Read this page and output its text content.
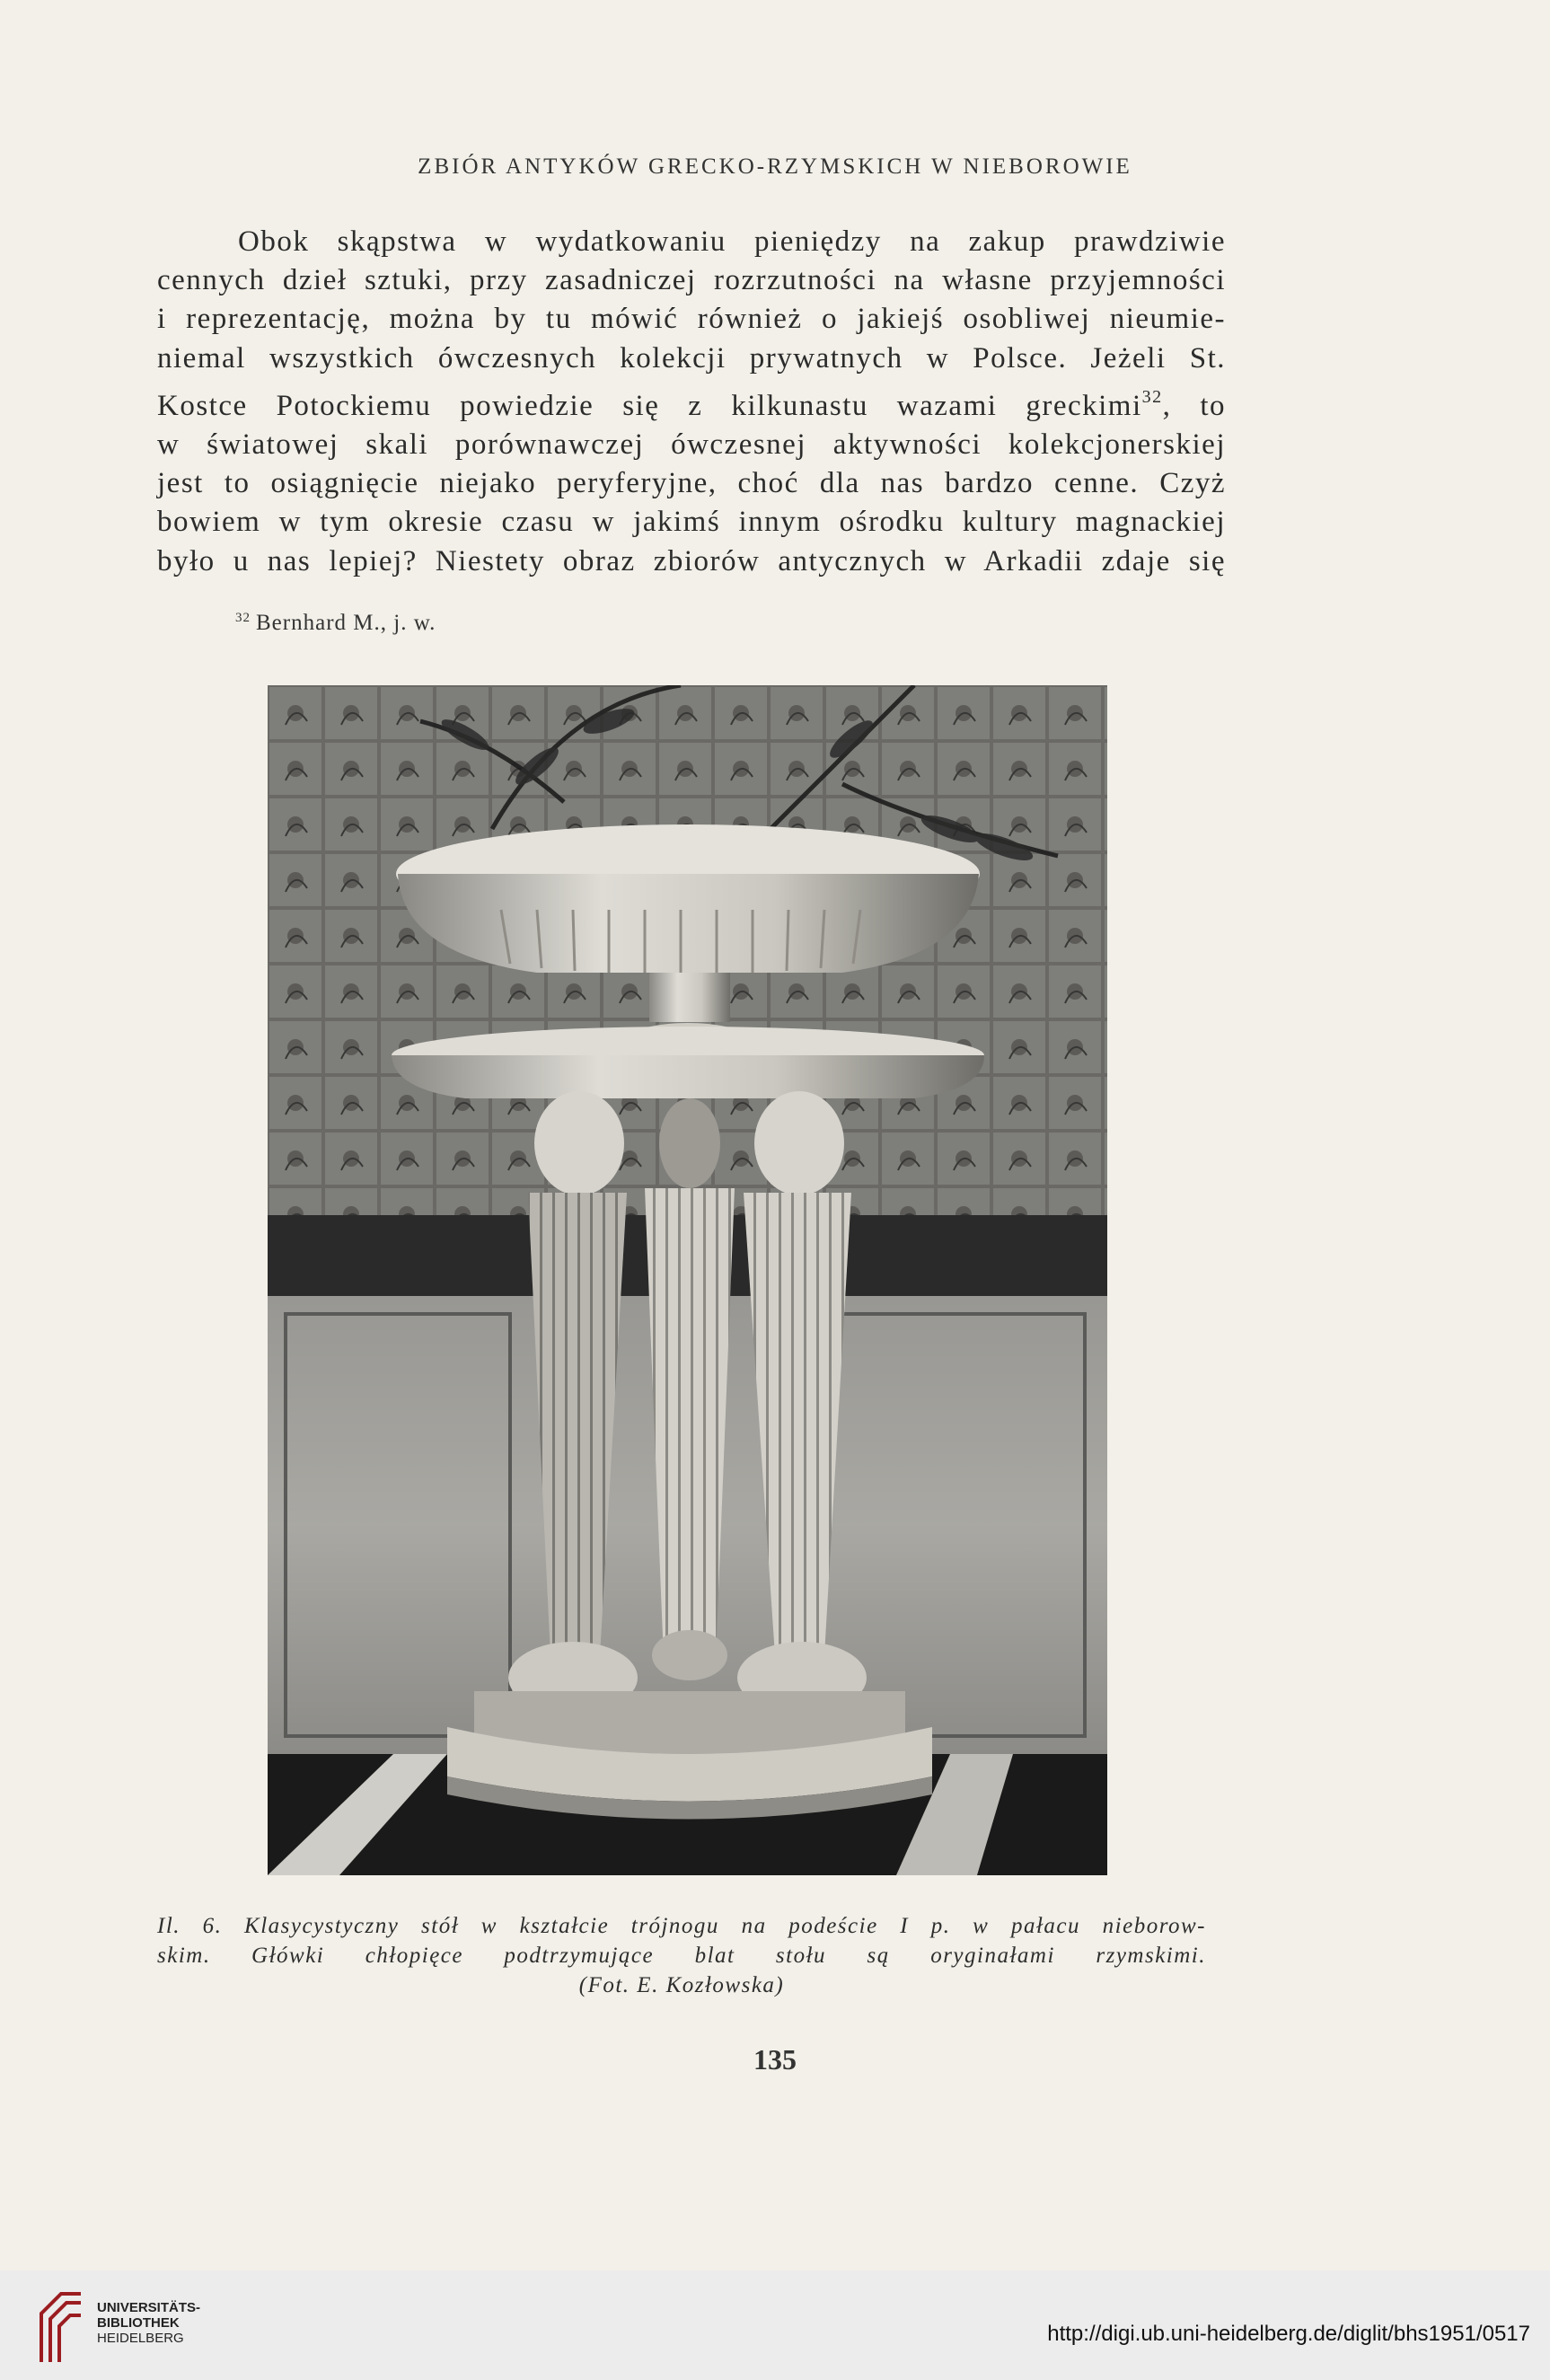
ZBIÓR ANTYKÓW GRECKO-RZYMSKICH W NIEBOROWIE
Obok skąpstwa w wydatkowaniu pieniędzy na zakup prawdziwie
cennych dzieł sztuki, przy zasadniczej rozrzutności na własne przyjemności
i reprezentację, można by tu mówić również o jakiejś osobliwej nieumie-
niemal wszystkich ówczesnych kolekcji prywatnych w Polsce. Jeżeli St.
Kostce Potockiemu powiedzie się z kilkunastu wazami greckimi$^{32}$, to
w światowej skali porównawczej ówczesnej aktywności kolekcjonerskiej
jest to osiągnięcie niejako peryferyjne, choć dla nas bardzo cenne. Czyż
bowiem w tym okresie czasu w jakimś innym ośrodku kultury magnackiej
było u nas lepiej? Niestety obraz zbiorów antycznych w Arkadii zdaje się
$^{32}$ Bernhard M., j. w.
Il. 6. Klasycystyczny stół w kształcie trójnogu na podeście I p. w pałacu nieborow-
skim. Główki chłopięce podtrzymujące blat stołu są oryginałami rzymskimi.
(Fot. E. Kozłowska)
135
UNIVERSITÄTS-
BIBLIOTHEK
HEIDELBERG	http://digi.ub.uni-heidelberg.de/diglit/bhs1951/0517
